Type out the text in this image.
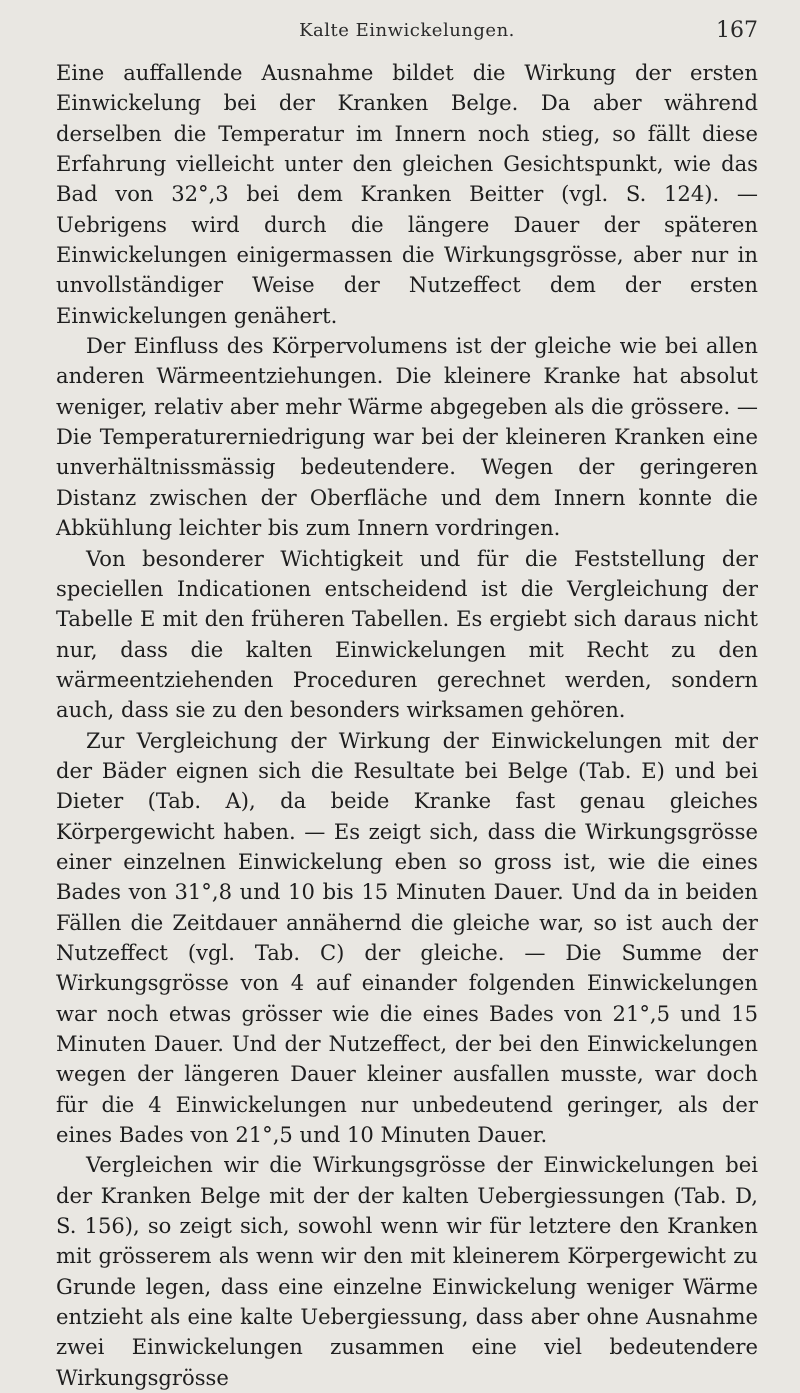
Kalte Einwickelungen.	167

Eine auffallende Ausnahme bildet die Wirkung der ersten Einwickelung bei der Kranken Belge. Da aber während derselben die Temperatur im Innern noch stieg, so fällt diese Erfahrung vielleicht unter den gleichen Gesichtspunkt, wie das Bad von 32°,3 bei dem Kranken Beitter (vgl. S. 124). — Uebrigens wird durch die längere Dauer der späteren Einwickelungen einigermassen die Wirkungsgrösse, aber nur in unvollständiger Weise der Nutzeffect dem der ersten Einwickelungen genähert.

Der Einfluss des Körpervolumens ist der gleiche wie bei allen anderen Wärmeentziehungen. Die kleinere Kranke hat absolut weniger, relativ aber mehr Wärme abgegeben als die grössere. — Die Temperaturerniedrigung war bei der kleineren Kranken eine unverhältnissmässig bedeutendere. Wegen der geringeren Distanz zwischen der Oberfläche und dem Innern konnte die Abkühlung leichter bis zum Innern vordringen.

Von besonderer Wichtigkeit und für die Feststellung der speciellen Indicationen entscheidend ist die Vergleichung der Tabelle E mit den früheren Tabellen. Es ergiebt sich daraus nicht nur, dass die kalten Einwickelungen mit Recht zu den wärmeentziehenden Proceduren gerechnet werden, sondern auch, dass sie zu den besonders wirksamen gehören.

Zur Vergleichung der Wirkung der Einwickelungen mit der der Bäder eignen sich die Resultate bei Belge (Tab. E) und bei Dieter (Tab. A), da beide Kranke fast genau gleiches Körpergewicht haben. — Es zeigt sich, dass die Wirkungsgrösse einer einzelnen Einwickelung eben so gross ist, wie die eines Bades von 31°,8 und 10 bis 15 Minuten Dauer. Und da in beiden Fällen die Zeitdauer annähernd die gleiche war, so ist auch der Nutzeffect (vgl. Tab. C) der gleiche. — Die Summe der Wirkungsgrösse von 4 auf einander folgenden Einwickelungen war noch etwas grösser wie die eines Bades von 21°,5 und 15 Minuten Dauer. Und der Nutzeffect, der bei den Einwickelungen wegen der längeren Dauer kleiner ausfallen musste, war doch für die 4 Einwickelungen nur unbedeutend geringer, als der eines Bades von 21°,5 und 10 Minuten Dauer.

Vergleichen wir die Wirkungsgrösse der Einwickelungen bei der Kranken Belge mit der der kalten Uebergiessungen (Tab. D, S. 156), so zeigt sich, sowohl wenn wir für letztere den Kranken mit grösserem als wenn wir den mit kleinerem Körpergewicht zu Grunde legen, dass eine einzelne Einwickelung weniger Wärme entzieht als eine kalte Uebergiessung, dass aber ohne Ausnahme zwei Einwickelungen zusammen eine viel bedeutendere Wirkungsgrösse
